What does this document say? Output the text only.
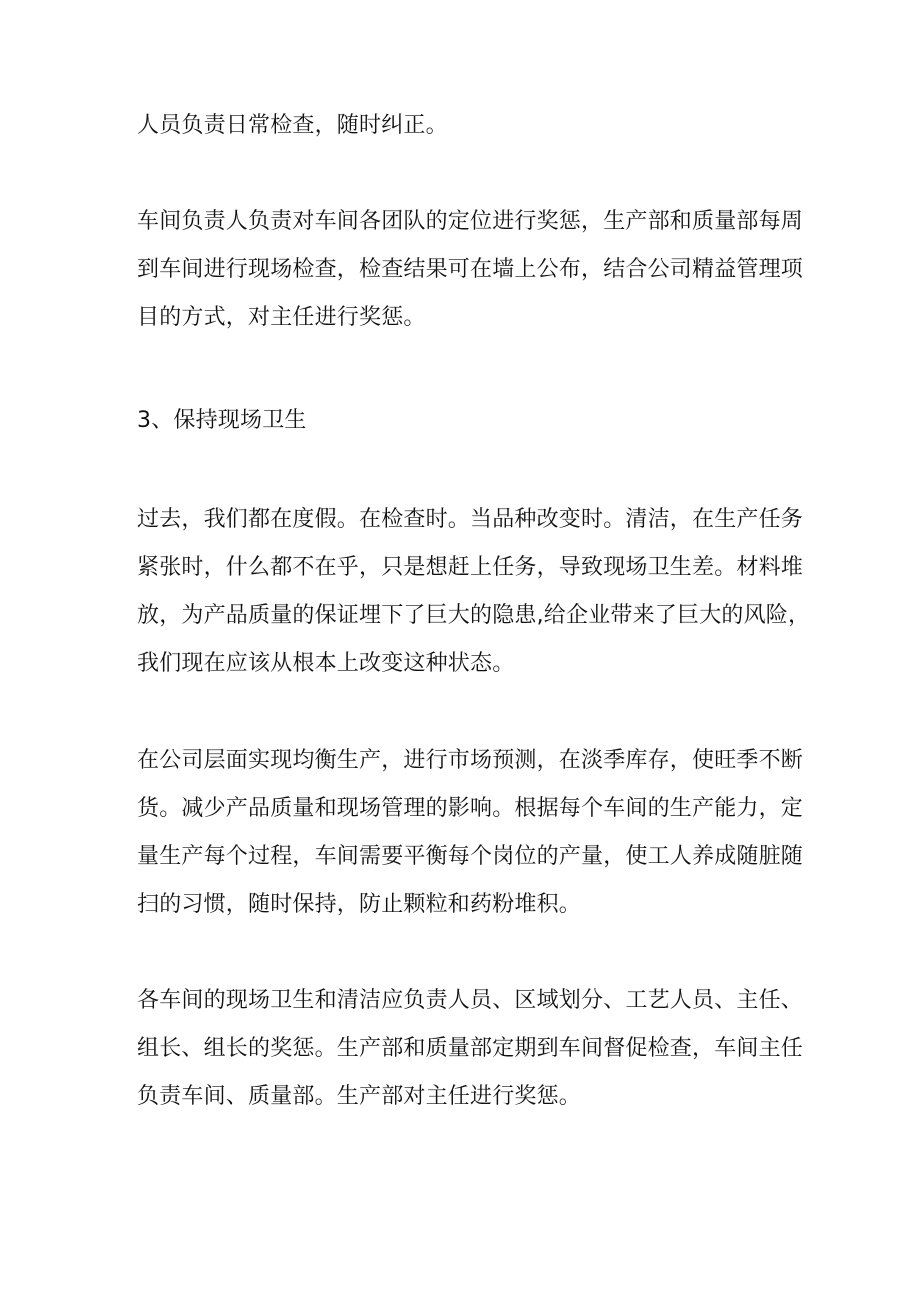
人员负责日常检查，随时纠正。

车间负责人负责对车间各团队的定位进行奖惩，生产部和质量部每周
到车间进行现场检查，检查结果可在墙上公布，结合公司精益管理项
目的方式，对主任进行奖惩。

3、保持现场卫生

过去，我们都在度假。在检查时。当品种改变时。清洁，在生产任务
紧张时，什么都不在乎，只是想赶上任务，导致现场卫生差。材料堆
放，为产品质量的保证埋下了巨大的隐患,给企业带来了巨大的风险，
我们现在应该从根本上改变这种状态。

在公司层面实现均衡生产，进行市场预测，在淡季库存，使旺季不断
货。减少产品质量和现场管理的影响。根据每个车间的生产能力，定
量生产每个过程，车间需要平衡每个岗位的产量，使工人养成随脏随
扫的习惯，随时保持，防止颗粒和药粉堆积。

各车间的现场卫生和清洁应负责人员、区域划分、工艺人员、主任、
组长、组长的奖惩。生产部和质量部定期到车间督促检查，车间主任
负责车间、质量部。生产部对主任进行奖惩。
